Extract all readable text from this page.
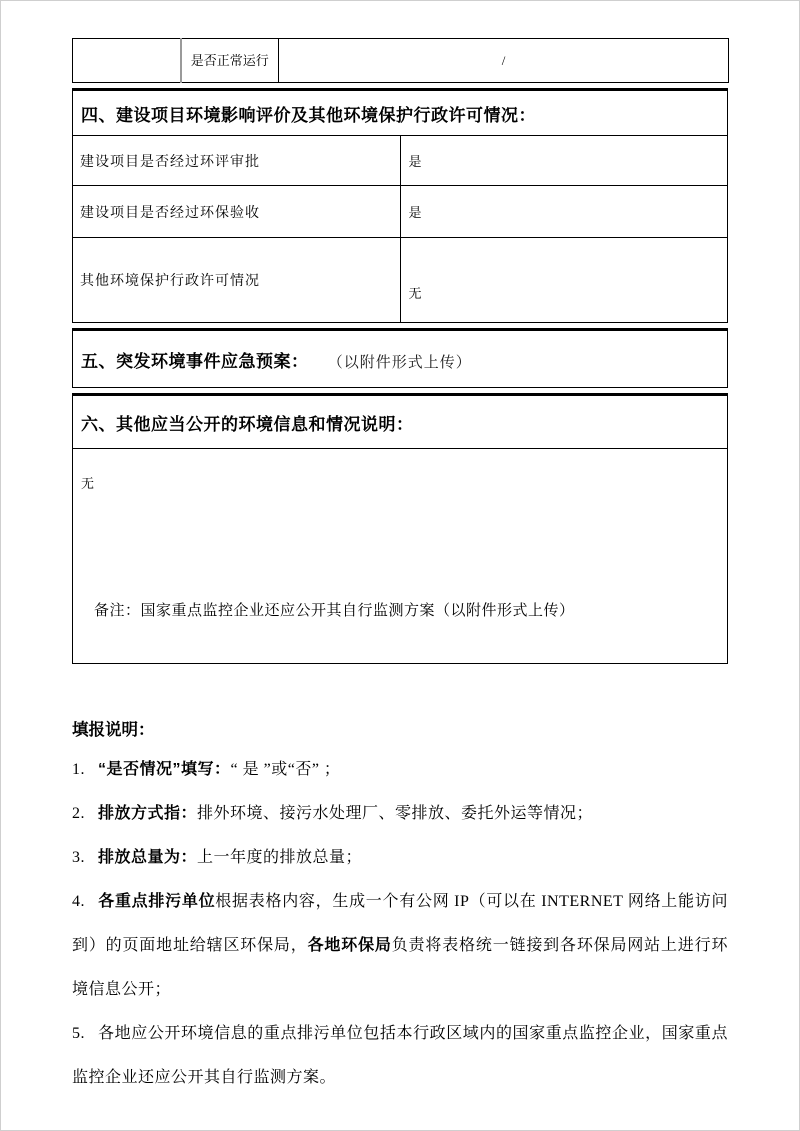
	是否正常运行	/
四、建设项目环境影响评价及其他环境保护行政许可情况：	
建设项目是否经过环评审批	是
建设项目是否经过环保验收	是
其他环境保护行政许可情况	无
五、突发环境事件应急预案： （以附件形式上传）
六、其他应当公开的环境信息和情况说明：

无
备注：国家重点监控企业还应公开其自行监测方案（以附件形式上传）

填报说明：

1. “是否情况”填写：“ 是 ”或“否” ；

2. 排放方式指：排外环境、接污水处理厂、零排放、委托外运等情况；

3. 排放总量为：上一年度的排放总量；

4. 各重点排污单位根据表格内容，生成一个有公网 IP（可以在 INTERNET 网络上能访问到）的页面地址给辖区环保局，各地环保局负责将表格统一链接到各环保局网站上进行环境信息公开；

5. 各地应公开环境信息的重点排污单位包括本行政区域内的国家重点监控企业，国家重点监控企业还应公开其自行监测方案。
